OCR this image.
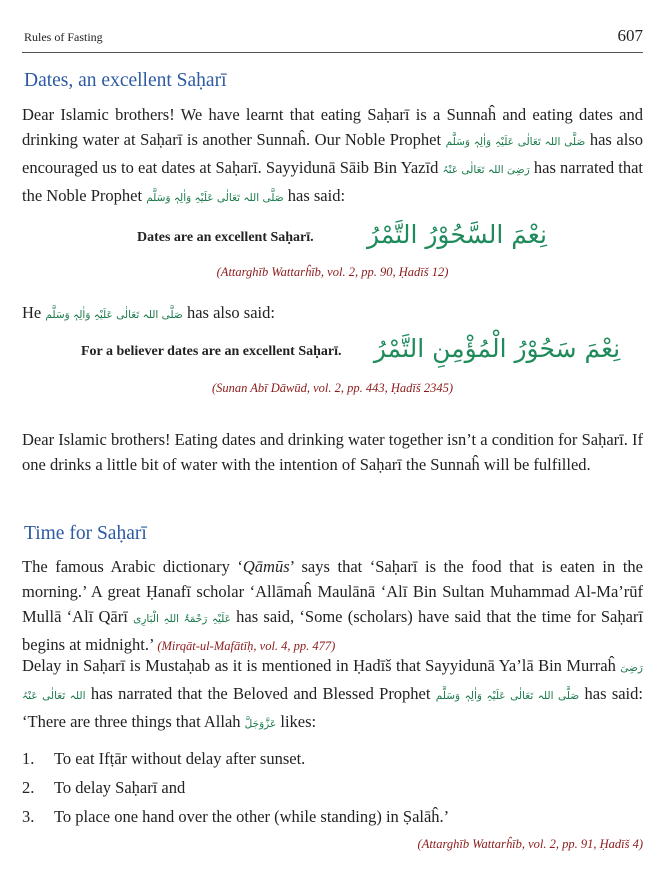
Rules of Fasting	607
Dates, an excellent Saḥarī

Dear Islamic brothers! We have learnt that eating Saḥarī is a Sunnaĥ and eating dates and drinking water at Saḥarī is another Sunnaĥ. Our Noble Prophet صَلَّی اللہ تَعَالٰی عَلَیْہِ وَاٰلِہٖ وَسَلَّم has also encouraged us to eat dates at Saḥarī. Sayyidunā Sāib Bin Yazīd رَضِیَ اللہ تَعَالٰی عَنْہُ has narrated that the Noble Prophet صَلَّی اللہ تَعَالٰی عَلَیْہِ وَاٰلِہٖ وَسَلَّم has said:

Dates are an excellent Saḥarī.	نِعْمَ السَّحُوْرُ التَّمْرُ
(Attarghīb Wattarĥīb, vol. 2, pp. 90, Ḥadīš 12)

He صَلَّی اللہ تَعَالٰی عَلَیْہِ وَاٰلِہٖ وَسَلَّم has also said:

For a believer dates are an excellent Saḥarī. نِعْمَ سَحُوْرُ الْمُؤْمِنِ التَّمْرُ
(Sunan Abī Dāwūd, vol. 2, pp. 443, Ḥadīš 2345)

Dear Islamic brothers! Eating dates and drinking water together isn’t a condition for Saḥarī. If one drinks a little bit of water with the intention of Saḥarī the Sunnaĥ will be fulfilled.

Time for Saḥarī

The famous Arabic dictionary ‘Qāmūs’ says that ‘Saḥarī is the food that is eaten in the morning.’ A great Ḥanafī scholar ‘Allāmaĥ Maulānā ‘Alī Bin Sultan Muhammad Al-Ma’rūf Mullā ‘Alī Qārī عَلَیْہِ رَحْمَۃُ اللہِ الْبَارِی has said, ‘Some (scholars) have said that the time for Saḥarī begins at midnight.’ (Mirqāt-ul-Mafātīḥ, vol. 4, pp. 477)

Delay in Saḥarī is Mustaḥab as it is mentioned in Ḥadīš that Sayyidunā Ya’lā Bin Murraĥ رَضِیَ اللہ تَعَالٰی عَنْہُ has narrated that the Beloved and Blessed Prophet صَلَّی اللہ تَعَالٰی عَلَیْہِ وَاٰلِہٖ وَسَلَّم has said: ‘There are three things that Allah عَزَّوَجَلَّ likes:

1.	To eat Ifṭār without delay after sunset.
2.	To delay Saḥarī and
3.	To place one hand over the other (while standing) in Ṣalāĥ.’
(Attarghīb Wattarĥīb, vol. 2, pp. 91, Ḥadīš 4)
